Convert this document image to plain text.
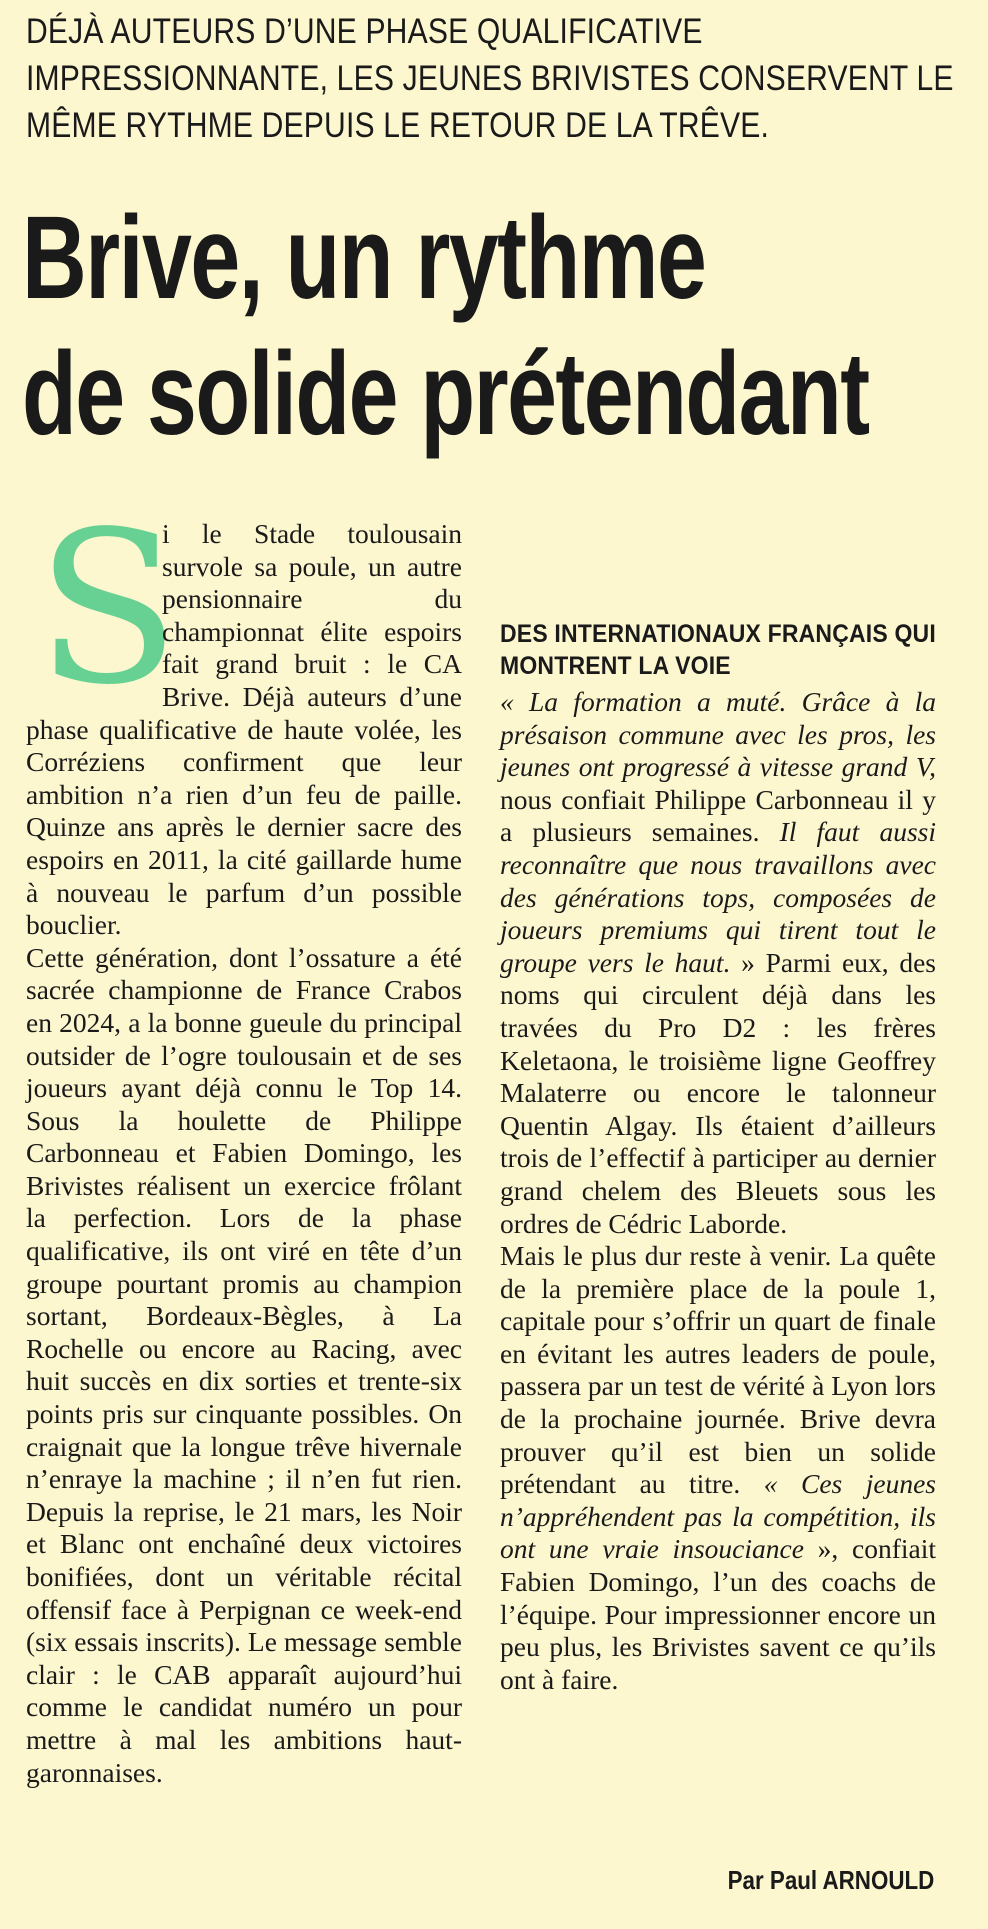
DÉJÀ AUTEURS D’UNE PHASE QUALIFICATIVE IMPRESSIONNANTE, LES JEUNES BRIVISTES CONSERVENT LE MÊME RYTHME DEPUIS LE RETOUR DE LA TRÊVE.
Brive, un rythme
de solide prétendant
S

i le Stade toulousain survole sa poule, un autre pensionnaire du championnat élite espoirs fait grand bruit : le CA Brive. Déjà auteurs d’une phase qualificative de haute volée, les Corréziens confirment que leur ambition n’a rien d’un feu de paille. Quinze ans après le dernier sacre des espoirs en 2011, la cité gaillarde hume à nouveau le parfum d’un possible bouclier.

Cette génération, dont l’ossature a été sacrée championne de France Crabos en 2024, a la bonne gueule du principal outsider de l’ogre toulousain et de ses joueurs ayant déjà connu le Top 14. Sous la houlette de Philippe Carbonneau et Fabien Domingo, les Brivistes réalisent un exercice frôlant la perfection. Lors de la phase qualificative, ils ont viré en tête d’un groupe pourtant promis au champion sortant, Bordeaux-Bègles, à La Rochelle ou encore au Racing, avec huit succès en dix sorties et trente-six points pris sur cinquante possibles. On craignait que la longue trêve hivernale n’enraye la machine ; il n’en fut rien. Depuis la reprise, le 21 mars, les Noir et Blanc ont enchaîné deux victoires bonifiées, dont un véritable récital offensif face à Perpignan ce week-end (six essais inscrits). Le message semble clair : le CAB apparaît aujourd’hui comme le candidat numéro un pour mettre à mal les ambitions haut-garonnaises.

DES INTERNATIONAUX FRANÇAIS QUI MONTRENT LA VOIE

« La formation a muté. Grâce à la présaison commune avec les pros, les jeunes ont progressé à vitesse grand V, nous confiait Philippe Carbonneau il y a plusieurs semaines. Il faut aussi reconnaître que nous travaillons avec des générations tops, composées de joueurs premiums qui tirent tout le groupe vers le haut. » Parmi eux, des noms qui circulent déjà dans les travées du Pro D2 : les frères Keletaona, le troisième ligne Geoffrey Malaterre ou encore le talonneur Quentin Algay. Ils étaient d’ailleurs trois de l’effectif à participer au dernier grand chelem des Bleuets sous les ordres de Cédric Laborde.

Mais le plus dur reste à venir. La quête de la première place de la poule 1, capitale pour s’offrir un quart de finale en évitant les autres leaders de poule, passera par un test de vérité à Lyon lors de la prochaine journée. Brive devra prouver qu’il est bien un solide prétendant au titre. « Ces jeunes n’appréhendent pas la compétition, ils ont une vraie insouciance », confiait Fabien Domingo, l’un des coachs de l’équipe. Pour impressionner encore un peu plus, les Brivistes savent ce qu’ils ont à faire.

Par Paul ARNOULD
